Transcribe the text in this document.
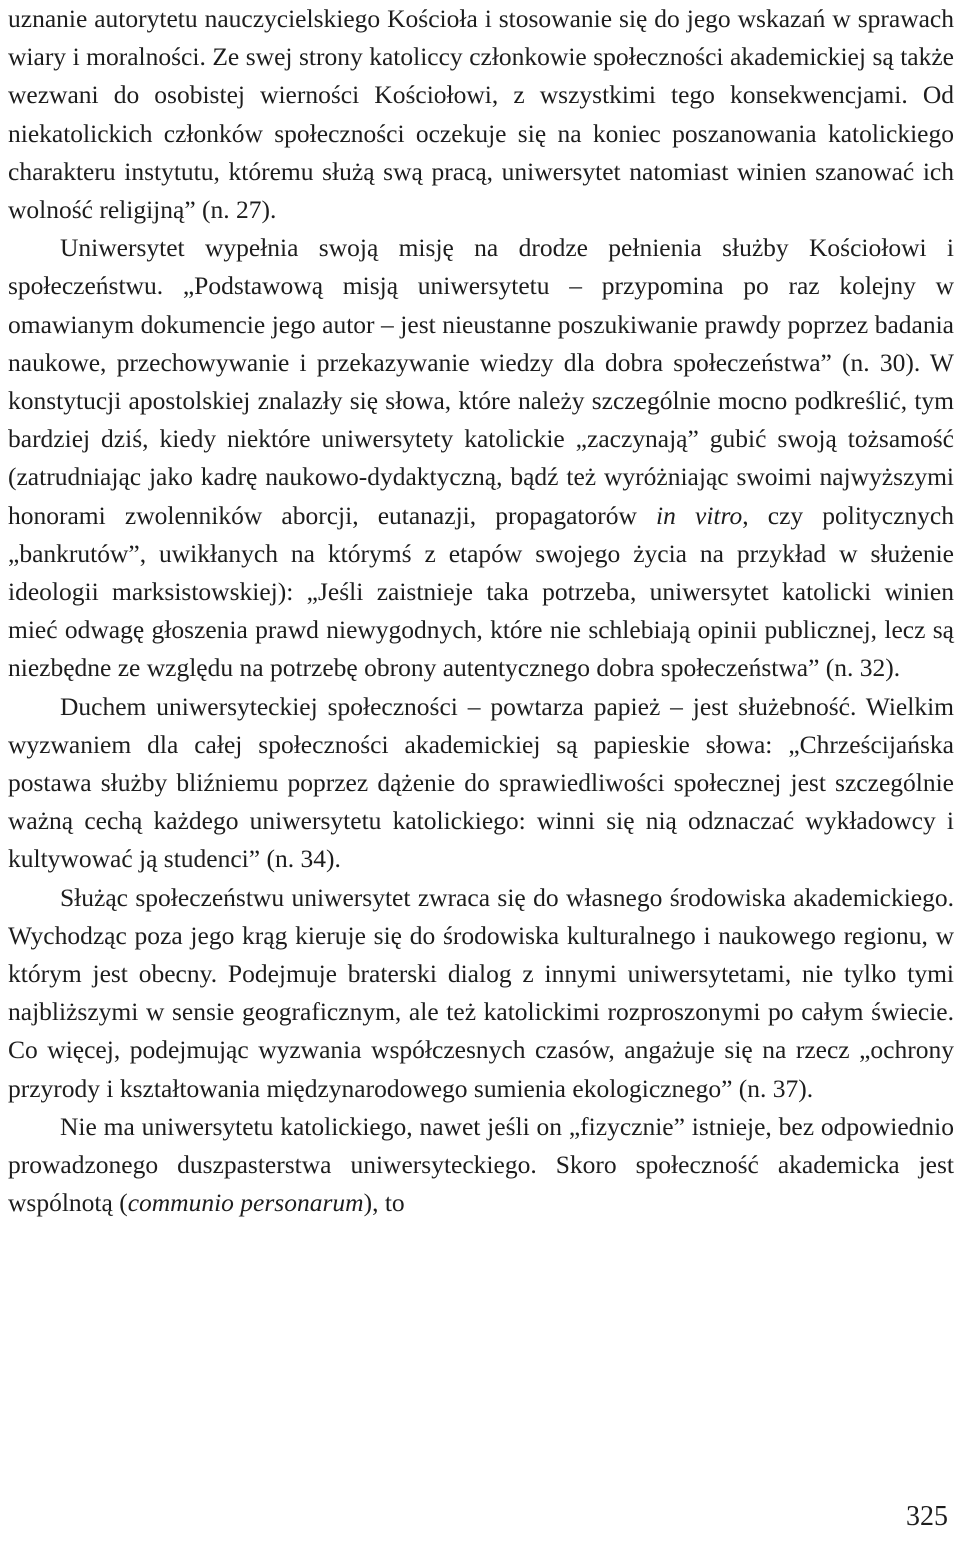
uznanie autorytetu nauczycielskiego Kościoła i stosowanie się do jego wskazań w sprawach wiary i moralności. Ze swej strony katoliccy członkowie społeczności akademickiej są także wezwani do osobistej wierności Kościołowi, z wszystkimi tego konsekwencjami. Od niekatolickich członków społeczności oczekuje się na koniec poszanowania katolickiego charakteru instytutu, któremu służą swą pracą, uniwersytet natomiast winien szanować ich wolność religijną” (n. 27).

Uniwersytet wypełnia swoją misję na drodze pełnienia służby Kościołowi i społeczeństwu. „Podstawową misją uniwersytetu – przypomina po raz kolejny w omawianym dokumencie jego autor – jest nieustanne poszukiwanie prawdy poprzez badania naukowe, przechowywanie i przekazywanie wiedzy dla dobra społeczeństwa” (n. 30). W konstytucji apostolskiej znalazły się słowa, które należy szczególnie mocno podkreślić, tym bardziej dziś, kiedy niektóre uniwersytety katolickie „zaczynają” gubić swoją tożsamość (zatrudniając jako kadrę naukowo-dydaktyczną, bądź też wyróżniając swoimi najwyższymi honorami zwolenników aborcji, eutanazji, propagatorów in vitro, czy politycznych „bankrutów”, uwikłanych na którymś z etapów swojego życia na przykład w służenie ideologii marksistowskiej): „Jeśli zaistnieje taka potrzeba, uniwersytet katolicki winien mieć odwagę głoszenia prawd niewygodnych, które nie schlebiają opinii publicznej, lecz są niezbędne ze względu na potrzebę obrony autentycznego dobra społeczeństwa” (n. 32).

Duchem uniwersyteckiej społeczności – powtarza papież – jest służebność. Wielkim wyzwaniem dla całej społeczności akademickiej są papieskie słowa: „Chrześcijańska postawa służby bliźniemu poprzez dążenie do sprawiedliwości społecznej jest szczególnie ważną cechą każdego uniwersytetu katolickiego: winni się nią odznaczać wykładowcy i kultywować ją studenci” (n. 34).

Służąc społeczeństwu uniwersytet zwraca się do własnego środowiska akademickiego. Wychodząc poza jego krąg kieruje się do środowiska kulturalnego i naukowego regionu, w którym jest obecny. Podejmuje braterski dialog z innymi uniwersytetami, nie tylko tymi najbliższymi w sensie geograficznym, ale też katolickimi rozproszonymi po całym świecie. Co więcej, podejmując wyzwania współczesnych czasów, angażuje się na rzecz „ochrony przyrody i kształtowania międzynarodowego sumienia ekologicznego” (n. 37).

Nie ma uniwersytetu katolickiego, nawet jeśli on „fizycznie” istnieje, bez odpowiednio prowadzonego duszpasterstwa uniwersyteckiego. Skoro społeczność akademicka jest wspólnotą (communio personarum), to

325
